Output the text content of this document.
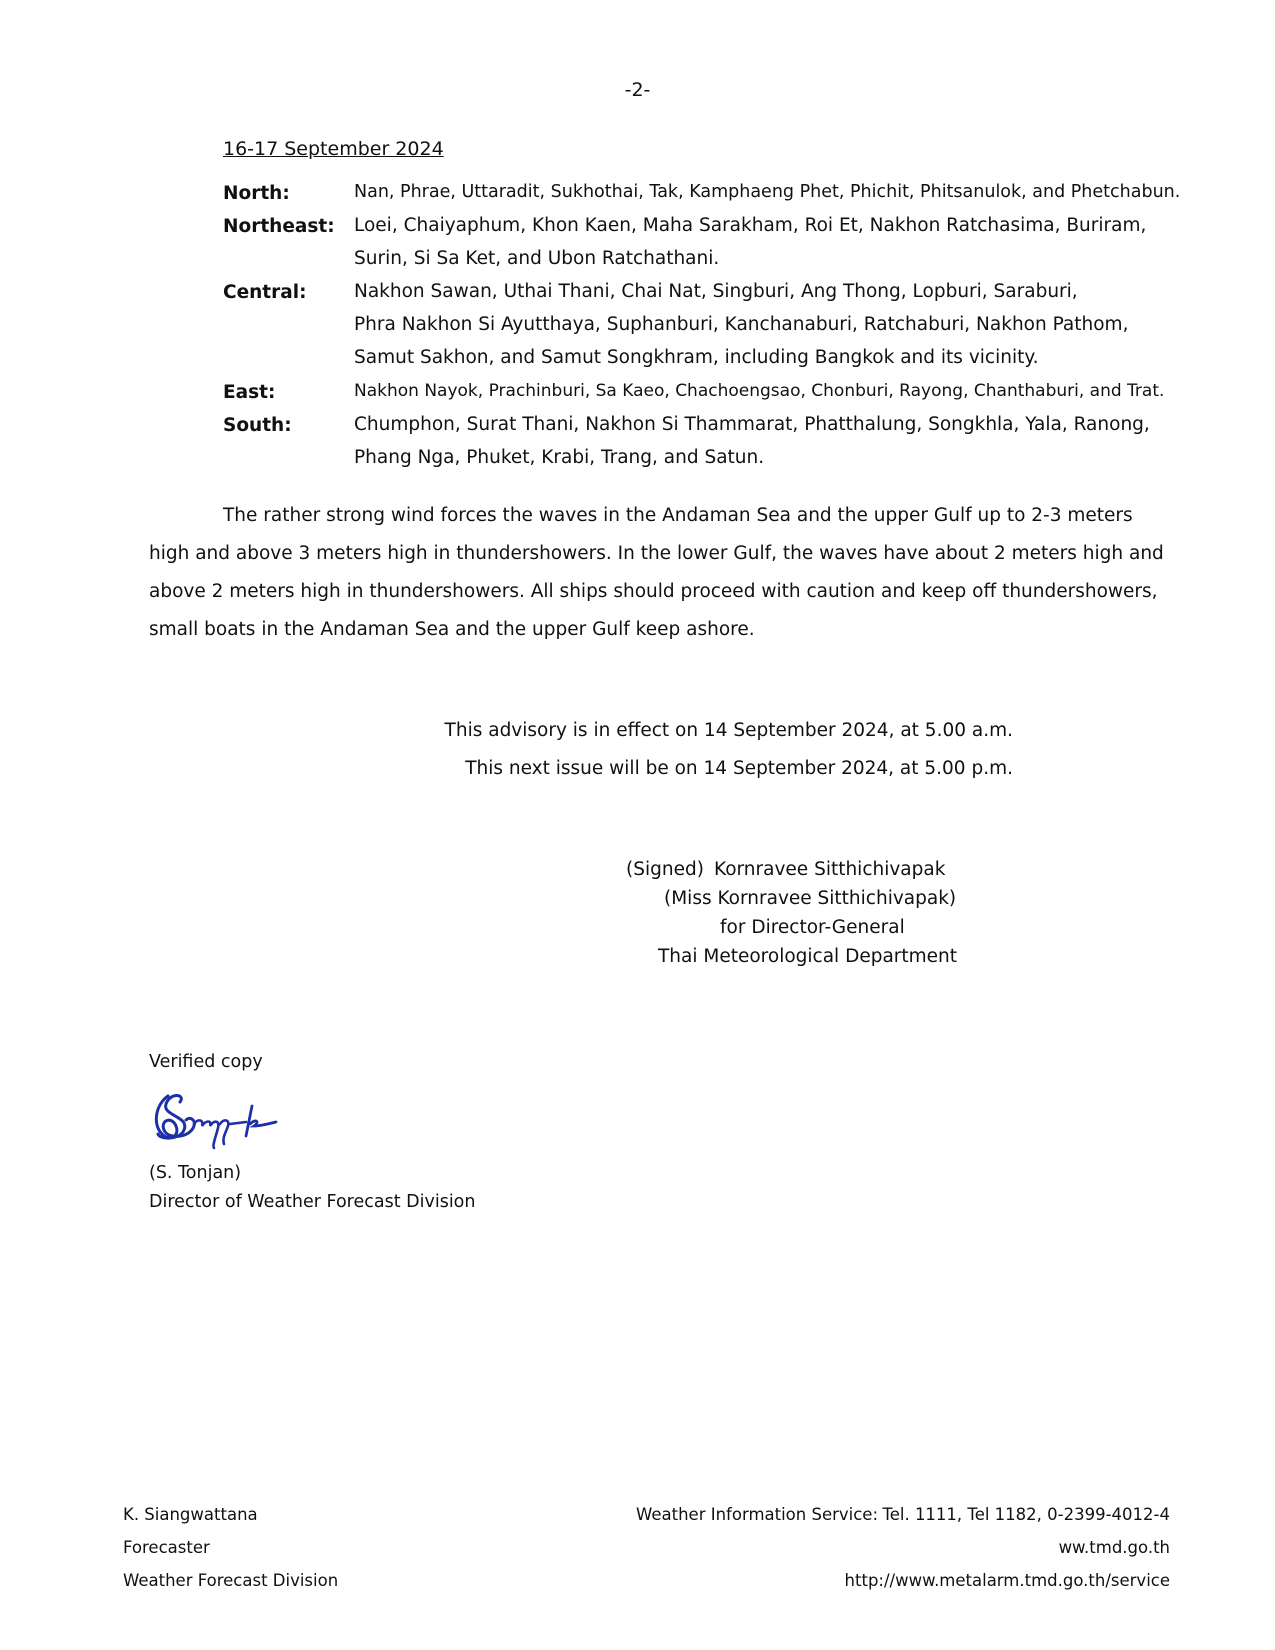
-2-
16-17 September 2024
North:	Nan, Phrae, Uttaradit, Sukhothai, Tak, Kamphaeng Phet, Phichit, Phitsanulok, and Phetchabun.
Northeast: Loei, Chaiyaphum, Khon Kaen, Maha Sarakham, Roi Et, Nakhon Ratchasima, Buriram,
Surin, Si Sa Ket, and Ubon Ratchathani.
Central:	Nakhon Sawan, Uthai Thani, Chai Nat, Singburi, Ang Thong, Lopburi, Saraburi,
Phra Nakhon Si Ayutthaya, Suphanburi, Kanchanaburi, Ratchaburi, Nakhon Pathom,
Samut Sakhon, and Samut Songkhram, including Bangkok and its vicinity.
East:	Nakhon Nayok, Prachinburi, Sa Kaeo, Chachoengsao, Chonburi, Rayong, Chanthaburi, and Trat.
South:	Chumphon, Surat Thani, Nakhon Si Thammarat, Phatthalung, Songkhla, Yala, Ranong,
Phang Nga, Phuket, Krabi, Trang, and Satun.
The rather strong wind forces the waves in the Andaman Sea and the upper Gulf up to 2-3 meters
high and above 3 meters high in thundershowers. In the lower Gulf, the waves have about 2 meters high and
above 2 meters high in thundershowers. All ships should proceed with caution and keep off thundershowers,
small boats in the Andaman Sea and the upper Gulf keep ashore.
This advisory is in effect on 14 September 2024, at 5.00 a.m.
This next issue will be on 14 September 2024, at 5.00 p.m.
(Signed) Kornravee Sitthichivapak
(Miss Kornravee Sitthichivapak)
for Director-General
Thai Meteorological Department
Verified copy
(S. Tonjan)
Director of Weather Forecast Division
K. Siangwattana
Forecaster
Weather Forecast Division
Weather Information Service: Tel. 1111, Tel 1182, 0-2399-4012-4
ww.tmd.go.th
http://www.metalarm.tmd.go.th/service
